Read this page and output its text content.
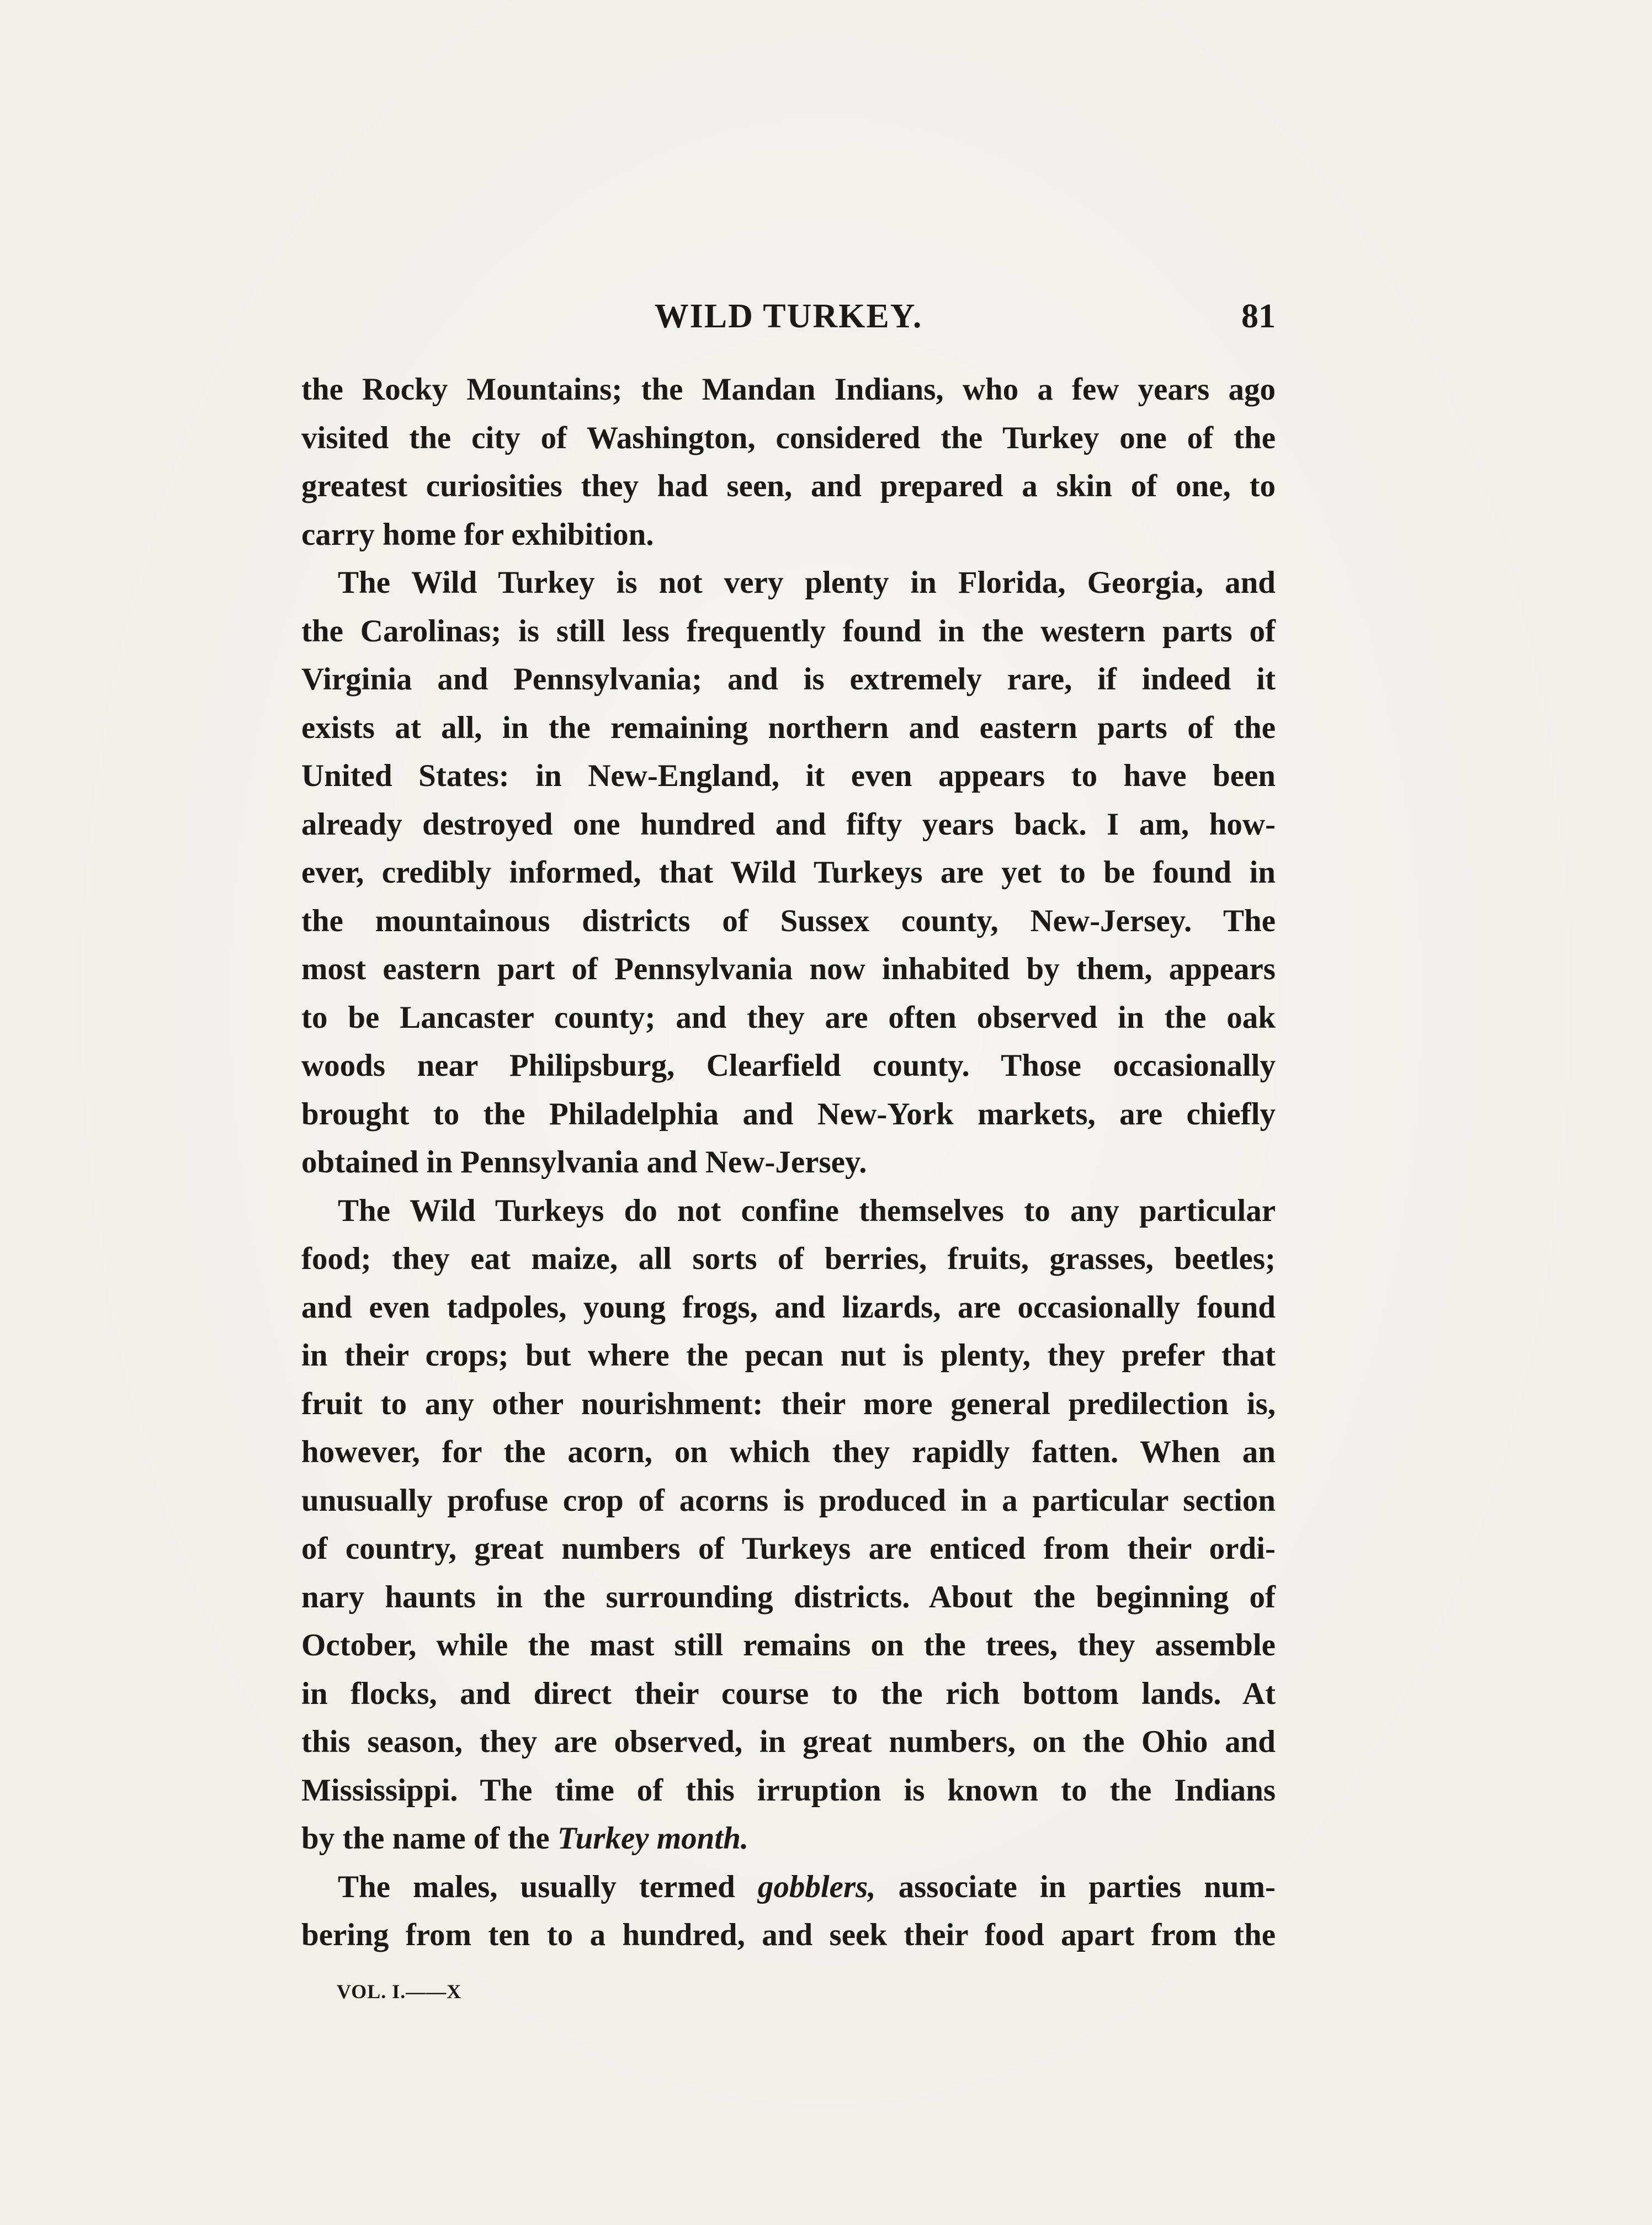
WILD TURKEY.	81
the Rocky Mountains; the Mandan Indians, who a few years ago
visited the city of Washington, considered the Turkey one of the
greatest curiosities they had seen, and prepared a skin of one, to
carry home for exhibition.
The Wild Turkey is not very plenty in Florida, Georgia, and
the Carolinas; is still less frequently found in the western parts of
Virginia and Pennsylvania; and is extremely rare, if indeed it
exists at all, in the remaining northern and eastern parts of the
United States: in New-England, it even appears to have been
already destroyed one hundred and fifty years back. I am, how-
ever, credibly informed, that Wild Turkeys are yet to be found in
the mountainous districts of Sussex county, New-Jersey. The
most eastern part of Pennsylvania now inhabited by them, appears
to be Lancaster county; and they are often observed in the oak
woods near Philipsburg, Clearfield county. Those occasionally
brought to the Philadelphia and New-York markets, are chiefly
obtained in Pennsylvania and New-Jersey.
The Wild Turkeys do not confine themselves to any particular
food; they eat maize, all sorts of berries, fruits, grasses, beetles;
and even tadpoles, young frogs, and lizards, are occasionally found
in their crops; but where the pecan nut is plenty, they prefer that
fruit to any other nourishment: their more general predilection is,
however, for the acorn, on which they rapidly fatten. When an
unusually profuse crop of acorns is produced in a particular section
of country, great numbers of Turkeys are enticed from their ordi-
nary haunts in the surrounding districts. About the beginning of
October, while the mast still remains on the trees, they assemble
in flocks, and direct their course to the rich bottom lands. At
this season, they are observed, in great numbers, on the Ohio and
Mississippi. The time of this irruption is known to the Indians
by the name of the Turkey month.
The males, usually termed gobblers, associate in parties num-
bering from ten to a hundred, and seek their food apart from the
VOL. I.——X
